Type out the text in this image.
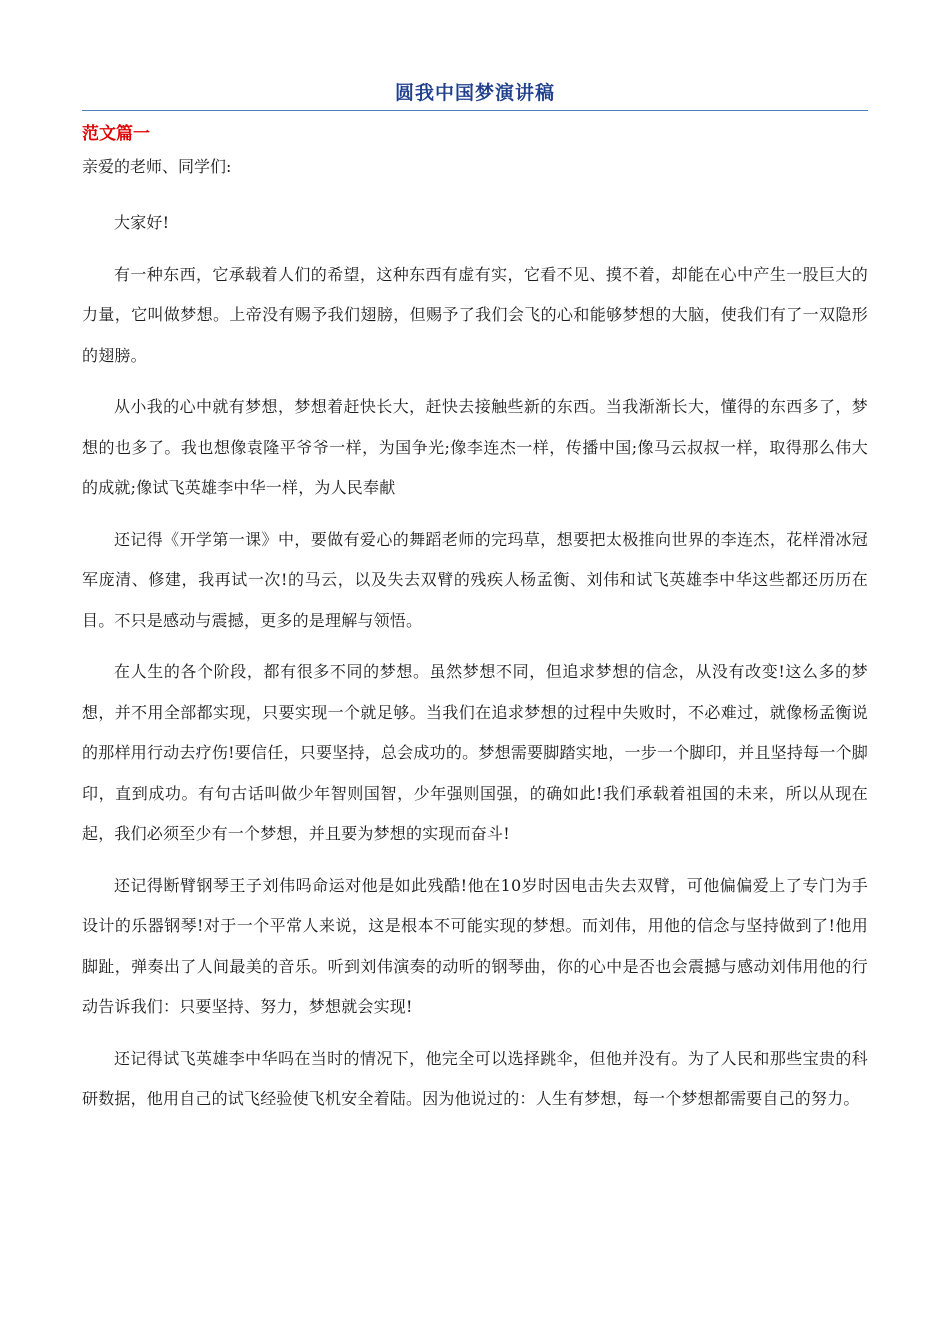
圆我中国梦演讲稿
范文篇一
亲爱的老师、同学们:

大家好!

有一种东西，它承载着人们的希望，这种东西有虚有实，它看不见、摸不着，却能在心中产生一股巨大的力量，它叫做梦想。上帝没有赐予我们翅膀，但赐予了我们会飞的心和能够梦想的大脑，使我们有了一双隐形的翅膀。

从小我的心中就有梦想，梦想着赶快长大，赶快去接触些新的东西。当我渐渐长大，懂得的东西多了，梦想的也多了。我也想像袁隆平爷爷一样，为国争光;像李连杰一样，传播中国;像马云叔叔一样，取得那么伟大的成就;像试飞英雄李中华一样，为人民奉献

还记得《开学第一课》中，要做有爱心的舞蹈老师的完玛草，想要把太极推向世界的李连杰，花样滑冰冠军庞清、修建，我再试一次!的马云，以及失去双臂的残疾人杨孟衡、刘伟和试飞英雄李中华这些都还历历在目。不只是感动与震撼，更多的是理解与领悟。

在人生的各个阶段，都有很多不同的梦想。虽然梦想不同，但追求梦想的信念，从没有改变!这么多的梦想，并不用全部都实现，只要实现一个就足够。当我们在追求梦想的过程中失败时，不必难过，就像杨孟衡说的那样用行动去疗伤!要信任，只要坚持，总会成功的。梦想需要脚踏实地，一步一个脚印，并且坚持每一个脚印，直到成功。有句古话叫做少年智则国智，少年强则国强，的确如此!我们承载着祖国的未来，所以从现在起，我们必须至少有一个梦想，并且要为梦想的实现而奋斗!

还记得断臂钢琴王子刘伟吗命运对他是如此残酷!他在10岁时因电击失去双臂，可他偏偏爱上了专门为手设计的乐器钢琴!对于一个平常人来说，这是根本不可能实现的梦想。而刘伟，用他的信念与坚持做到了!他用脚趾，弹奏出了人间最美的音乐。听到刘伟演奏的动听的钢琴曲，你的心中是否也会震撼与感动刘伟用他的行动告诉我们：只要坚持、努力，梦想就会实现!

还记得试飞英雄李中华吗在当时的情况下，他完全可以选择跳伞，但他并没有。为了人民和那些宝贵的科研数据，他用自己的试飞经验使飞机安全着陆。因为他说过的：人生有梦想，每一个梦想都需要自己的努力。
